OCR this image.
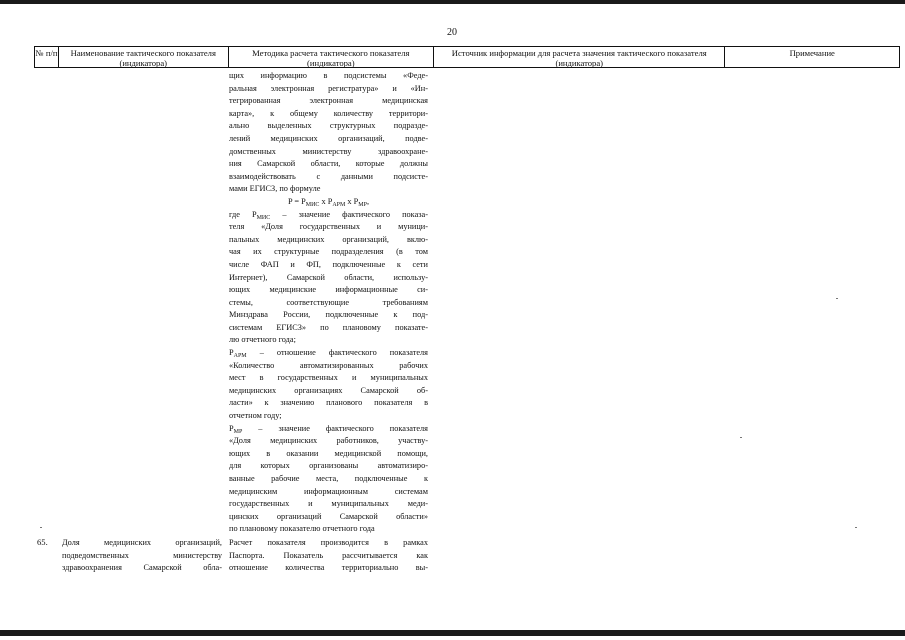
20
№ п/п	Наименование тактического показателя (индикатора)
Методика расчета тактического показателя (индикатора)
Источник информации для расчета значения тактического показателя (индикатора)
Примечание
щих информацию в подсистемы «Феде-
ральная электронная регистратура» и «Ин-
тегрированная электронная медицинская
карта», к общему количеству территори-
ально выделенных структурных подразде-
лений медицинских организаций, подве-
домственных министерству здравоохране-
ния Самарской области, которые должны
взаимодействовать с данными подсисте-
мами ЕГИСЗ, по формуле
$P = P_{МИС}$ x $P_{АРМ}$ x $P_{МР}$,
где $P_{МИС}$ – значение фактического показа-
теля «Доля государственных и муници-
пальных медицинских организаций, вклю-
чая их структурные подразделения (в том
числе ФАП и ФП, подключенные к сети
Интернет), Самарской области, использу-
ющих медицинские информационные си-
стемы, соответствующие требованиям
Минздрава России, подключенные к под-
системам ЕГИСЗ» по плановому показате-
лю отчетного года;
$P_{АРМ}$ – отношение фактического показателя
«Количество автоматизированных рабочих
мест в государственных и муниципальных
медицинских организациях Самарской об-
ласти» к значению планового показателя в
отчетном году;
$P_{МР}$ – значение фактического показателя
«Доля медицинских работников, участву-
ющих в оказании медицинской помощи,
для которых организованы автоматизиро-
ванные рабочие места, подключенные к
медицинским информационным системам
государственных и муниципальных меди-
цинских организаций Самарской области»
по плановому показателю отчетного года
65. Доля медицинских организаций,
подведомственных министерству
здравоохранения Самарской обла-
Расчет показателя производится в рамках
Паспорта. Показатель рассчитывается как
отношение количества территориально вы-
